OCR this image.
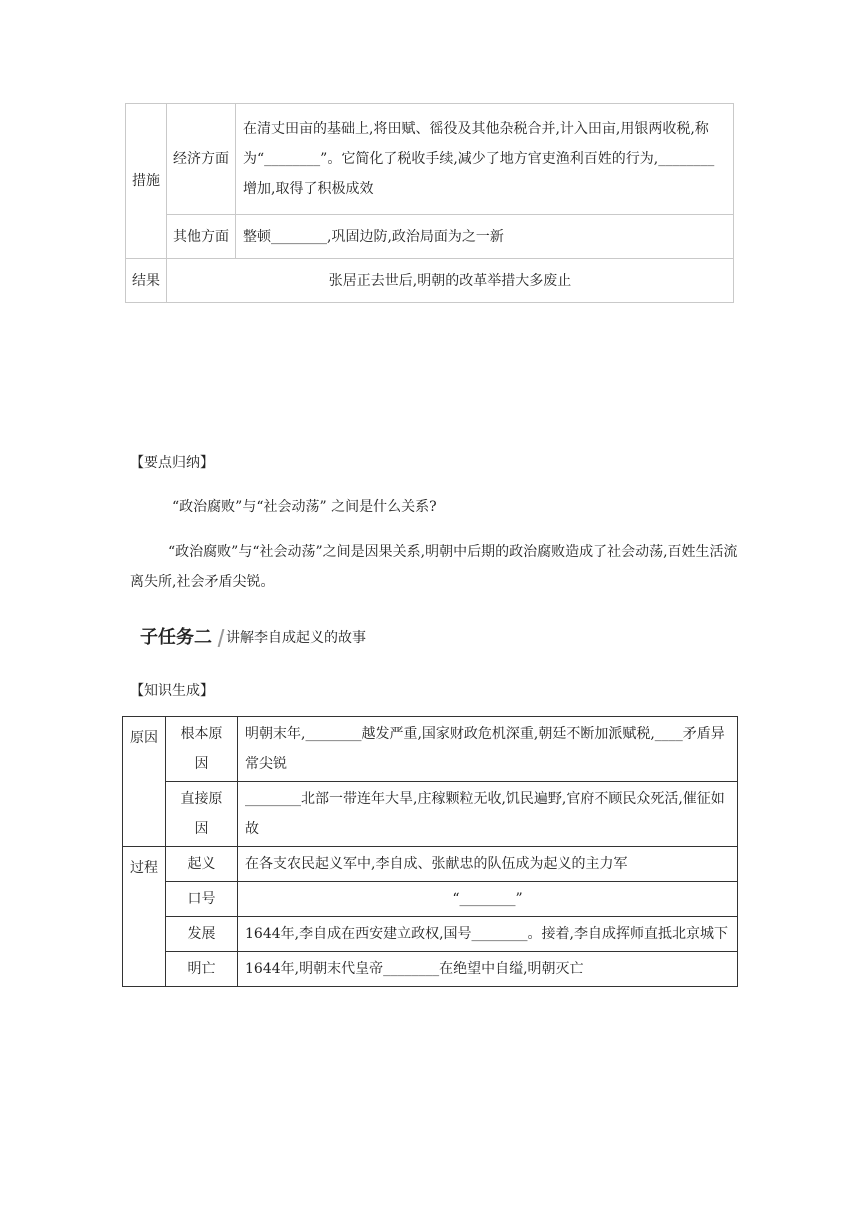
措施	经济方面	在清丈田亩的基础上,将田赋、徭役及其他杂税合并,计入田亩,用银两收税,称为“________”。它简化了税收手续,减少了地方官吏渔利百姓的行为,________增加,取得了积极成效
	其他方面	整顿________,巩固边防,政治局面为之一新
结果	张居正去世后,明朝的改革举措大多废止	

【要点归纳】

“政治腐败”与“社会动荡” 之间是什么关系?

“政治腐败”与“社会动荡”之间是因果关系,明朝中后期的政治腐败造成了社会动荡,百姓生活流离失所,社会矛盾尖锐。

子任务二 讲解李自成起义的故事

【知识生成】

原因	根本原因	明朝末年,________越发严重,国家财政危机深重,朝廷不断加派赋税,____矛盾异常尖锐
	直接原因	________北部一带连年大旱,庄稼颗粒无收,饥民遍野,官府不顾民众死活,催征如故
过程	起义	在各支农民起义军中,李自成、张献忠的队伍成为起义的主力军
	口号	“________”
	发展	1644年,李自成在西安建立政权,国号________。接着,李自成挥师直抵北京城下
	明亡	1644年,明朝末代皇帝________在绝望中自缢,明朝灭亡
